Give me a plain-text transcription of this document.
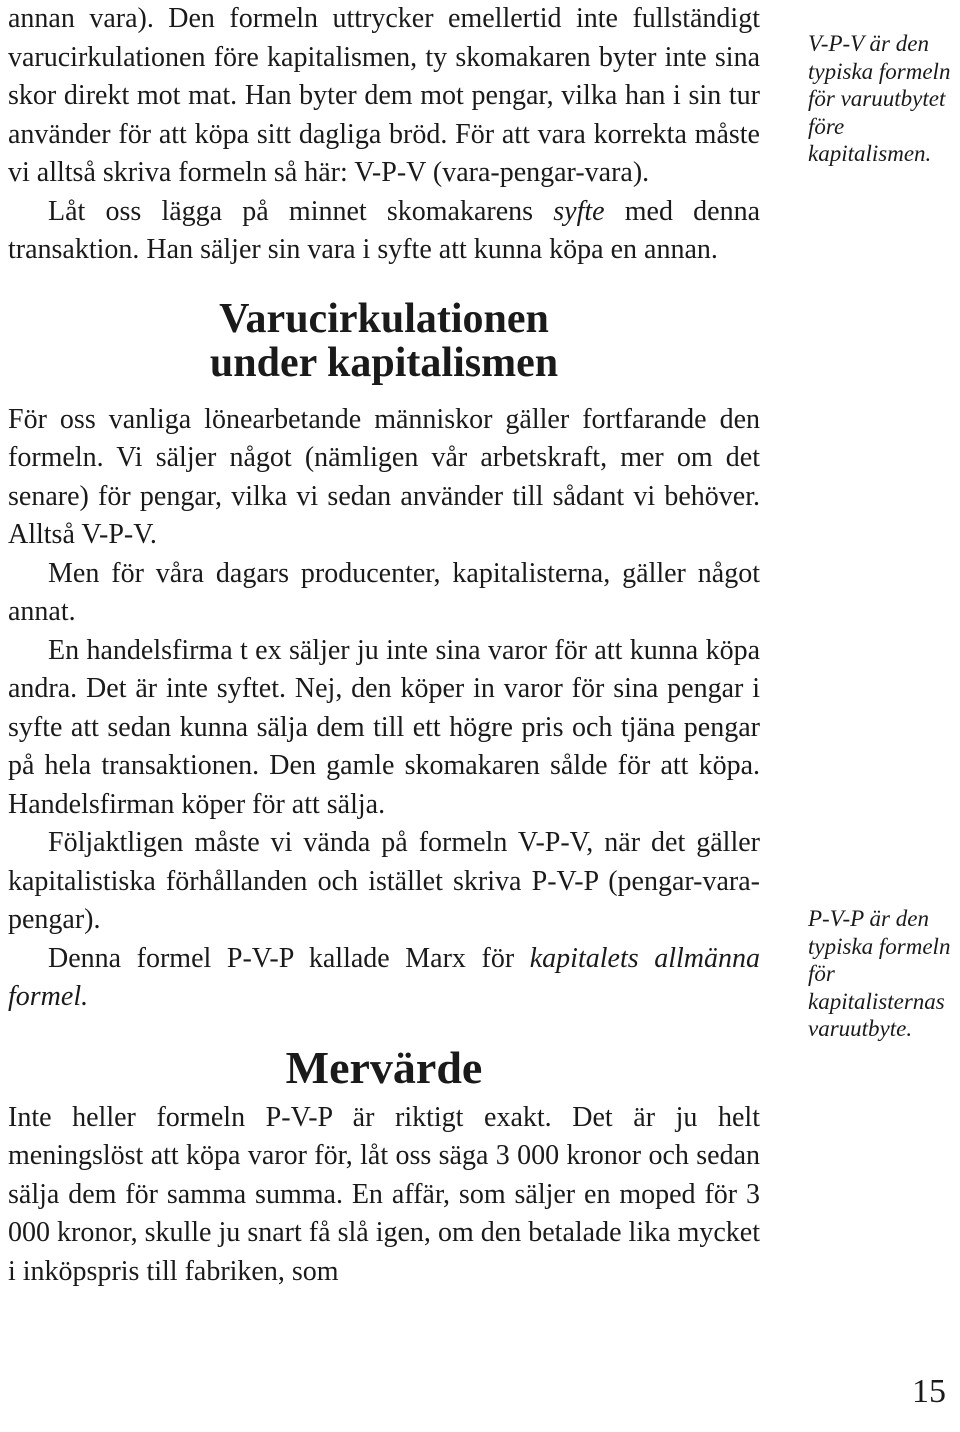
annan vara). Den formeln uttrycker emellertid inte fullständigt varucirkulationen före kapitalismen, ty skomakaren byter inte sina skor direkt mot mat. Han byter dem mot pengar, vilka han i sin tur använder för att köpa sitt dagliga bröd. För att vara korrekta måste vi alltså skriva formeln så här: V-P-V (vara-pengar-vara).

Låt oss lägga på minnet skomakarens syfte med denna transaktion. Han säljer sin vara i syfte att kunna köpa en annan.

Varucirkulationen
under kapitalismen

För oss vanliga lönearbetande människor gäller fortfarande den formeln. Vi säljer något (nämligen vår arbetskraft, mer om det senare) för pengar, vilka vi sedan använder till sådant vi behöver. Alltså V-P-V.

Men för våra dagars producenter, kapitalisterna, gäller något annat.

En handelsfirma t ex säljer ju inte sina varor för att kunna köpa andra. Det är inte syftet. Nej, den köper in varor för sina pengar i syfte att sedan kunna sälja dem till ett högre pris och tjäna pengar på hela transaktionen. Den gamle skomakaren sålde för att köpa. Handelsfirman köper för att sälja.

Följaktligen måste vi vända på formeln V-P-V, när det gäller kapitalistiska förhållanden och istället skriva P-V-P (pengar-vara-pengar).

Denna formel P-V-P kallade Marx för kapitalets allmänna formel.

Mervärde

Inte heller formeln P-V-P är riktigt exakt. Det är ju helt meningslöst att köpa varor för, låt oss säga 3 000 kronor och sedan sälja dem för samma summa. En affär, som säljer en moped för 3 000 kronor, skulle ju snart få slå igen, om den betalade lika mycket i inköpspris till fabriken, som

V-P-V är den typiska formeln för varuutbytet före kapitalismen.
P-V-P är den typiska formeln för kapitalisternas varuutbyte.
15
